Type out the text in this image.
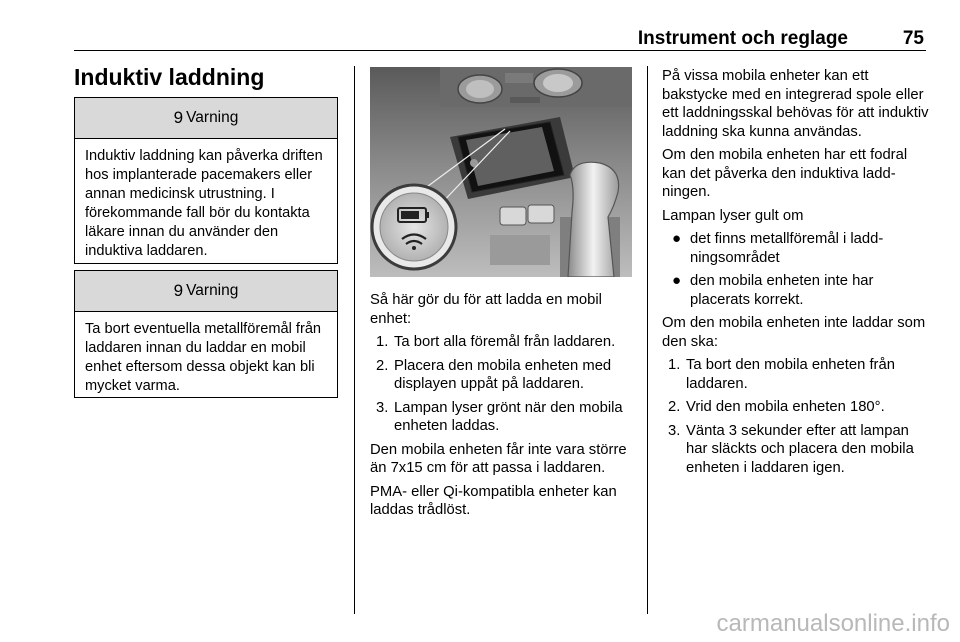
Instrument och reglage	75
Induktiv laddning
9 Varning
Induktiv laddning kan påverka driften hos implanterade pacemakers eller annan medicinsk utrustning. I förekommande fall bör du kontakta läkare innan du använder den induktiva laddaren.
9 Varning
Ta bort eventuella metallföremål från laddaren innan du laddar en mobil enhet eftersom dessa objekt kan bli mycket varma.

Så här gör du för att ladda en mobil enhet:

1. Ta bort alla föremål från laddaren.
2. Placera den mobila enheten med displayen uppåt på laddaren.
3. Lampan lyser grönt när den mobila enheten laddas.

Den mobila enheten får inte vara större än 7x15 cm för att passa i laddaren.

PMA- eller Qi-kompatibla enheter kan laddas trådlöst.

På vissa mobila enheter kan ett bakstycke med en integrerad spole eller ett laddningsskal behövas för att induktiv laddning ska kunna användas.

Om den mobila enheten har ett fodral kan det påverka den induktiva laddningen.

Lampan lyser gult om

● det finns metallföremål i laddningsområdet
● den mobila enheten inte har placerats korrekt.

Om den mobila enheten inte laddar som den ska:

1. Ta bort den mobila enheten från laddaren.
2. Vrid den mobila enheten 180°.
3. Vänta 3 sekunder efter att lampan har släckts och placera den mobila enheten i laddaren igen.
carmanualsonline.info
